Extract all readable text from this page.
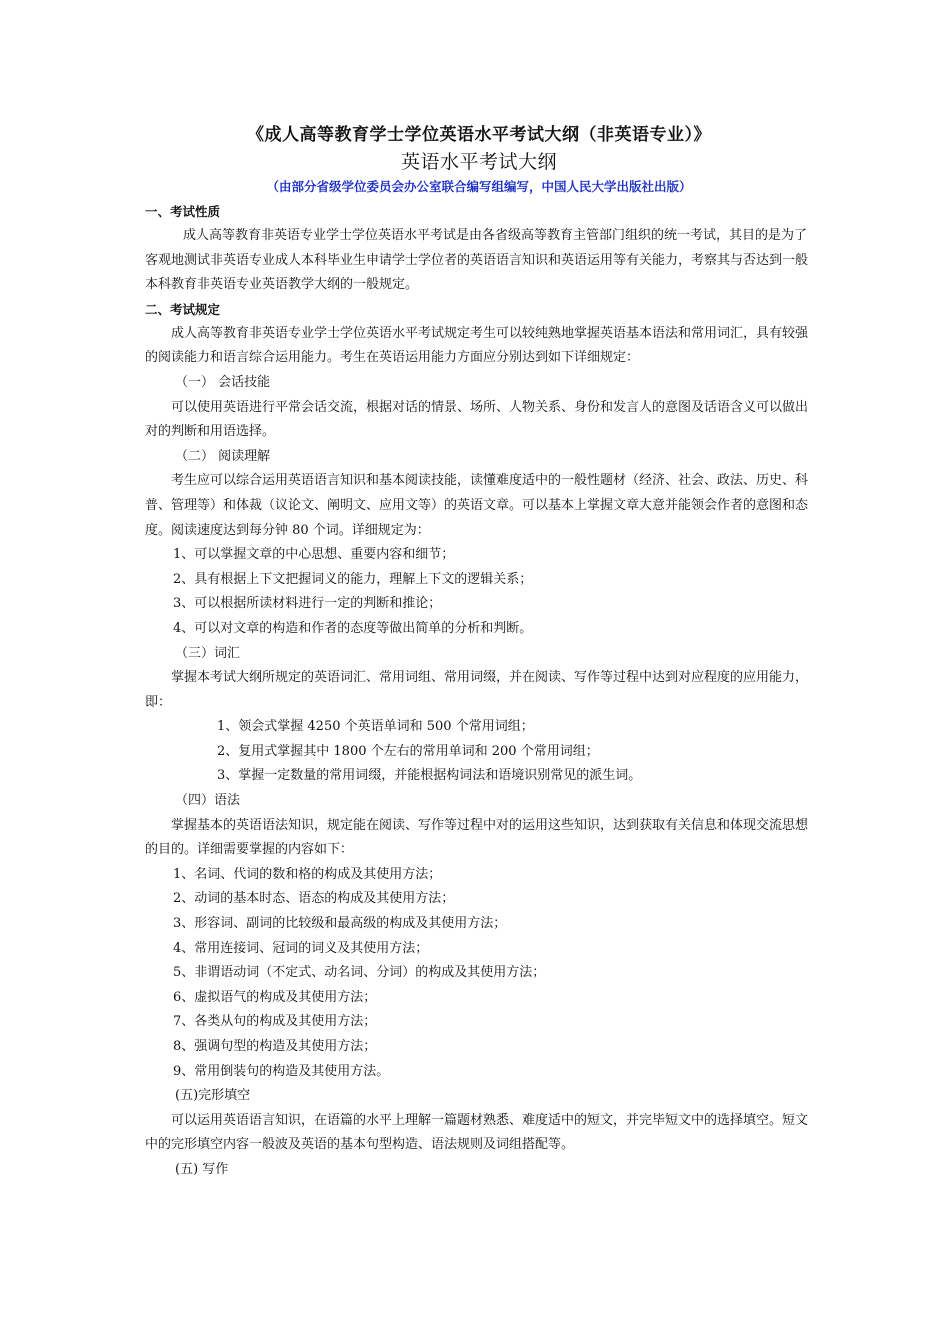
《成人高等教育学士学位英语水平考试大纲（非英语专业）》
英语水平考试大纲
（由部分省级学位委员会办公室联合编写组编写，中国人民大学出版社出版）
一、考试性质

成人高等教育非英语专业学士学位英语水平考试是由各省级高等教育主管部门组织的统一考试，其目的是为了客观地测试非英语专业成人本科毕业生申请学士学位者的英语语言知识和英语运用等有关能力，考察其与否达到一般本科教育非英语专业英语教学大纲的一般规定。

二、考试规定

成人高等教育非英语专业学士学位英语水平考试规定考生可以较纯熟地掌握英语基本语法和常用词汇，具有较强的阅读能力和语言综合运用能力。考生在英语运用能力方面应分别达到如下详细规定：

（一） 会话技能

可以使用英语进行平常会话交流，根据对话的情景、场所、人物关系、身份和发言人的意图及话语含义可以做出对的判断和用语选择。

（二） 阅读理解

考生应可以综合运用英语语言知识和基本阅读技能，读懂难度适中的一般性题材（经济、社会、政法、历史、科普、管理等）和体裁（议论文、阐明文、应用文等）的英语文章。可以基本上掌握文章大意并能领会作者的意图和态度。阅读速度达到每分钟 80 个词。详细规定为：

1、可以掌握文章的中心思想、重要内容和细节；

2、具有根据上下文把握词义的能力，理解上下文的逻辑关系；

3、可以根据所读材料进行一定的判断和推论；

4、可以对文章的构造和作者的态度等做出简单的分析和判断。

（三）词汇

掌握本考试大纲所规定的英语词汇、常用词组、常用词缀，并在阅读、写作等过程中达到对应程度的应用能力，即：

1、领会式掌握 4250 个英语单词和 500 个常用词组；

2、复用式掌握其中 1800 个左右的常用单词和 200 个常用词组；

3、掌握一定数量的常用词缀，并能根据构词法和语境识别常见的派生词。

（四）语法

掌握基本的英语语法知识，规定能在阅读、写作等过程中对的运用这些知识，达到获取有关信息和体现交流思想的目的。详细需要掌握的内容如下：

1、名词、代词的数和格的构成及其使用方法；

2、动词的基本时态、语态的构成及其使用方法；

3、形容词、副词的比较级和最高级的构成及其使用方法；

4、常用连接词、冠词的词义及其使用方法；

5、非谓语动词（不定式、动名词、分词）的构成及其使用方法；

6、虚拟语气的构成及其使用方法；

7、各类从句的构成及其使用方法；

8、强调句型的构造及其使用方法；

9、常用倒装句的构造及其使用方法。

(五)完形填空

可以运用英语语言知识，在语篇的水平上理解一篇题材熟悉、难度适中的短文，并完毕短文中的选择填空。短文中的完形填空内容一般波及英语的基本句型构造、语法规则及词组搭配等。

(五) 写作
